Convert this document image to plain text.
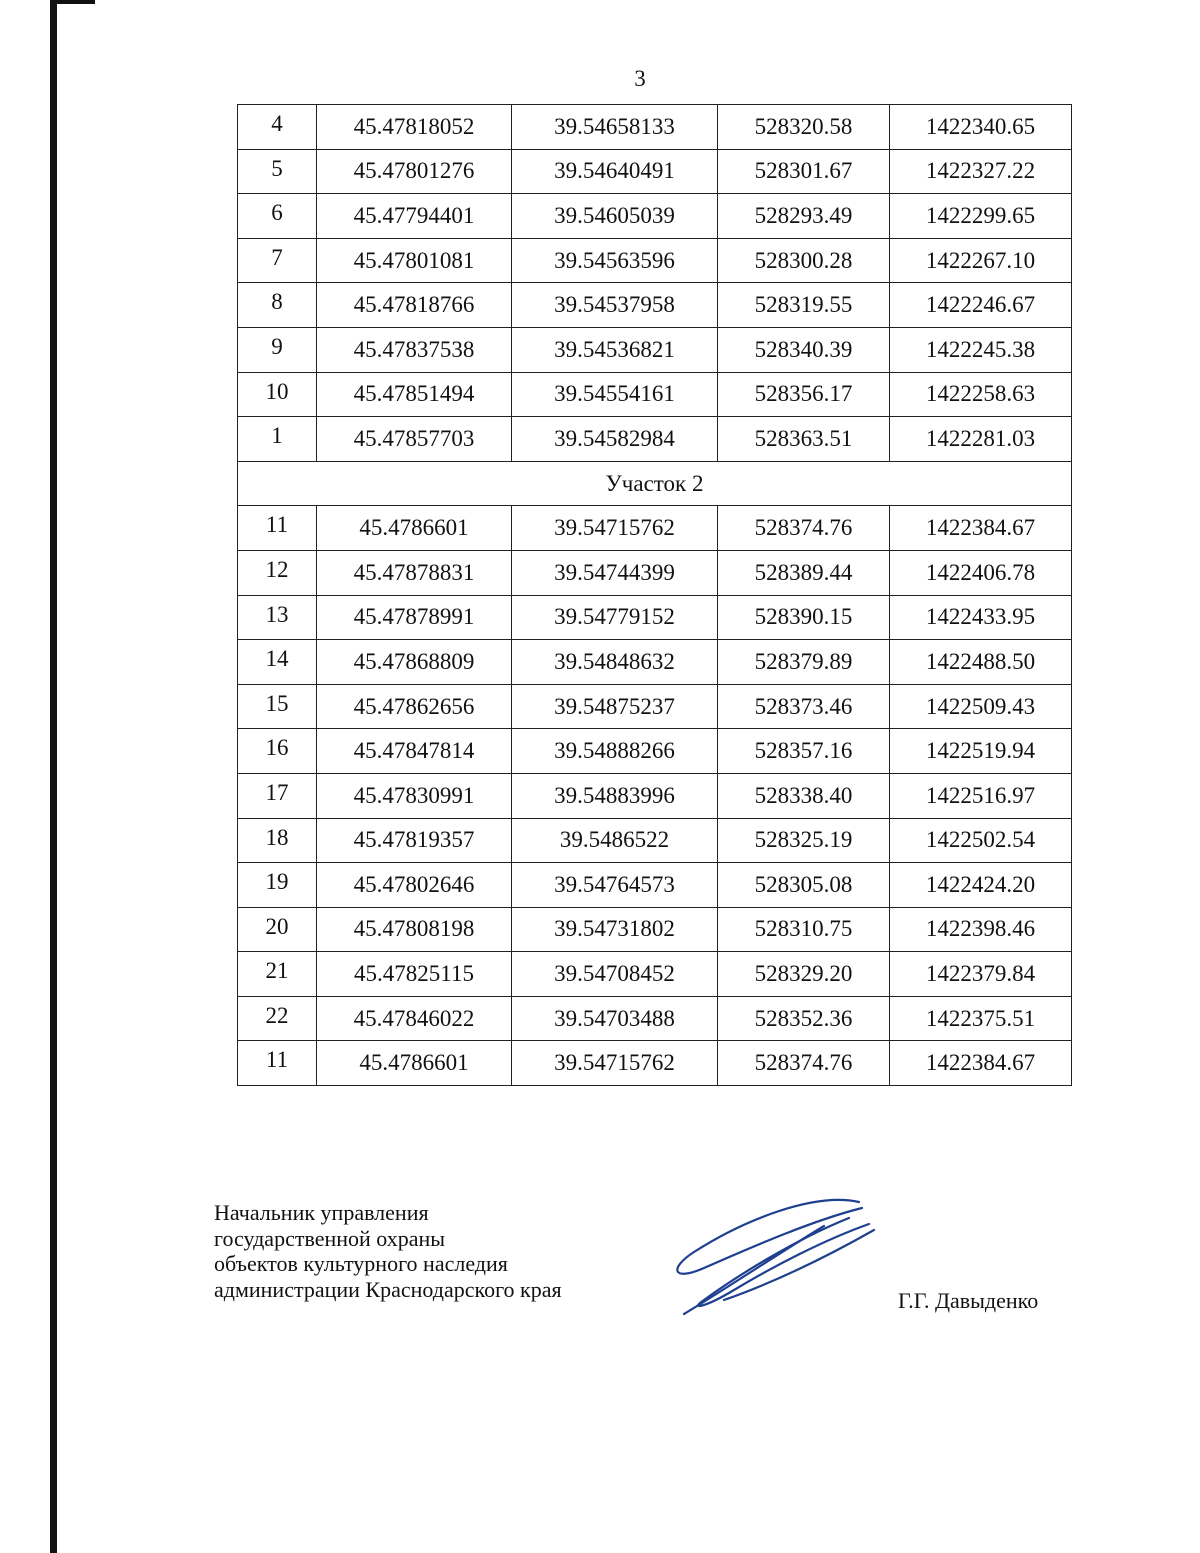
3
4	45.47818052	39.54658133	528320.58	1422340.65
5	45.47801276	39.54640491	528301.67	1422327.22
6	45.47794401	39.54605039	528293.49	1422299.65
7	45.47801081	39.54563596	528300.28	1422267.10
8	45.47818766	39.54537958	528319.55	1422246.67
9	45.47837538	39.54536821	528340.39	1422245.38
10	45.47851494	39.54554161	528356.17	1422258.63
1	45.47857703	39.54582984	528363.51	1422281.03
Участок 2				
11	45.4786601	39.54715762	528374.76	1422384.67
12	45.47878831	39.54744399	528389.44	1422406.78
13	45.47878991	39.54779152	528390.15	1422433.95
14	45.47868809	39.54848632	528379.89	1422488.50
15	45.47862656	39.54875237	528373.46	1422509.43
16	45.47847814	39.54888266	528357.16	1422519.94
17	45.47830991	39.54883996	528338.40	1422516.97
18	45.47819357	39.5486522	528325.19	1422502.54
19	45.47802646	39.54764573	528305.08	1422424.20
20	45.47808198	39.54731802	528310.75	1422398.46
21	45.47825115	39.54708452	528329.20	1422379.84
22	45.47846022	39.54703488	528352.36	1422375.51
11	45.4786601	39.54715762	528374.76	1422384.67
Начальник управления
государственной охраны
объектов культурного наследия
администрации Краснодарского края	Г.Г. Давыденко
